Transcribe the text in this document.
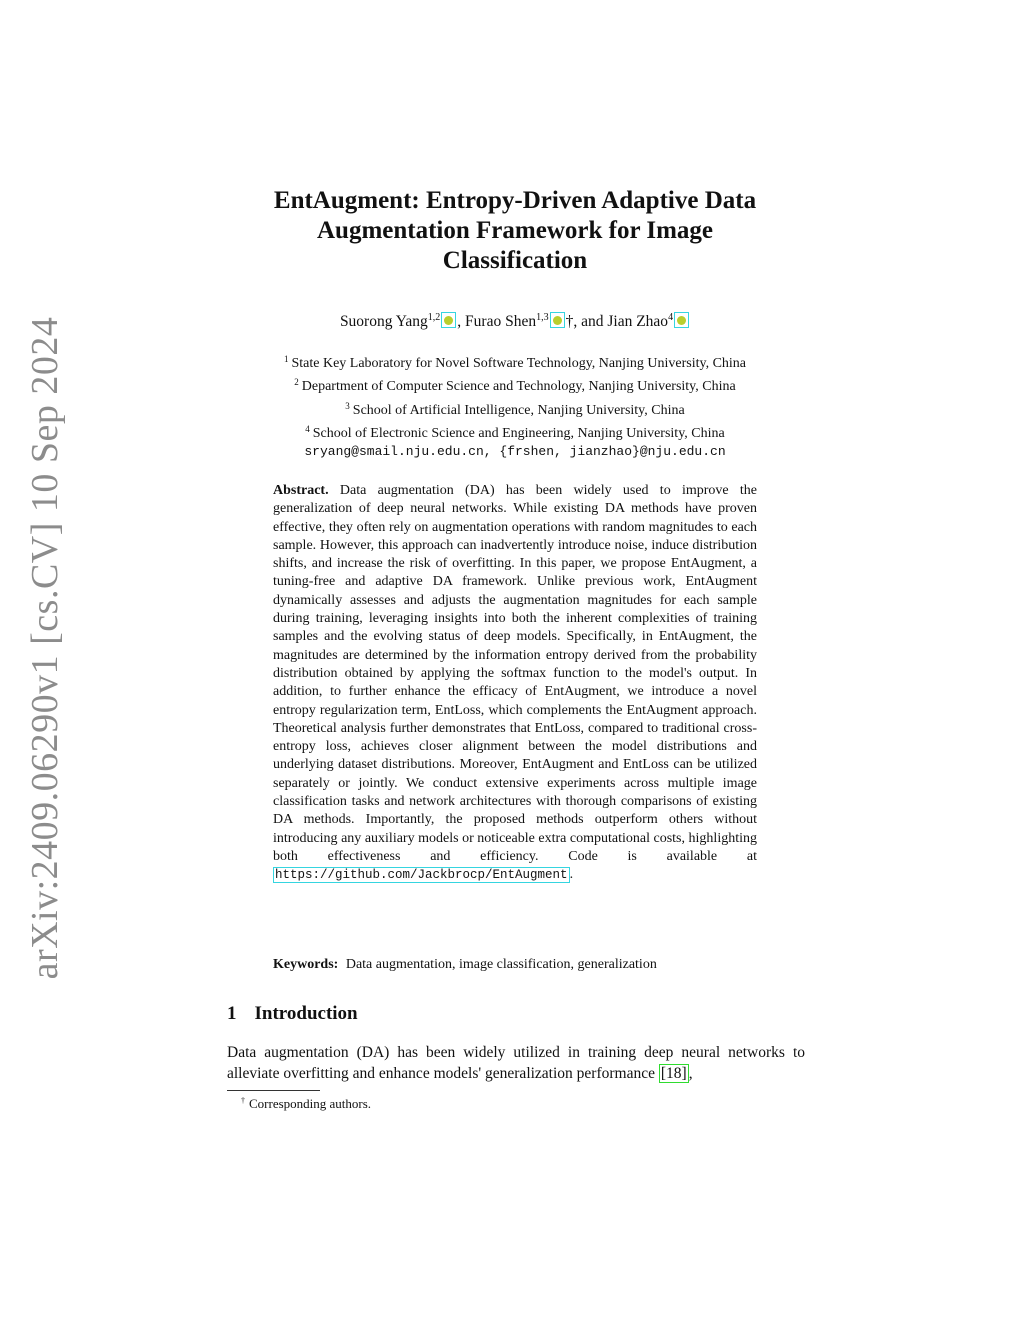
arXiv:2409.06290v1 [cs.CV] 10 Sep 2024
EntAugment: Entropy-Driven Adaptive Data
Augmentation Framework for Image
Classification
Suorong Yang$^{1,2}$ , Furao Shen$^{1,3}$ †, and Jian Zhao$^4$
$^1$ State Key Laboratory for Novel Software Technology, Nanjing University, China
$^2$ Department of Computer Science and Technology, Nanjing University, China
$^3$ School of Artificial Intelligence, Nanjing University, China
$^4$ School of Electronic Science and Engineering, Nanjing University, China
sryang@smail.nju.edu.cn, {frshen, jianzhao}@nju.edu.cn
Abstract. Data augmentation (DA) has been widely used to improve the generalization of deep neural networks. While existing DA methods have proven effective, they often rely on augmentation operations with random magnitudes to each sample. However, this approach can inadvertently introduce noise, induce distribution shifts, and increase the risk of overfitting. In this paper, we propose EntAugment, a tuning-free and adaptive DA framework. Unlike previous work, EntAugment dynamically assesses and adjusts the augmentation magnitudes for each sample during training, leveraging insights into both the inherent complexities of training samples and the evolving status of deep models. Specifically, in EntAugment, the magnitudes are determined by the information entropy derived from the probability distribution obtained by applying the softmax function to the model's output. In addition, to further enhance the efficacy of EntAugment, we introduce a novel entropy regularization term, EntLoss, which complements the EntAugment approach. Theoretical analysis further demonstrates that EntLoss, compared to traditional cross-entropy loss, achieves closer alignment between the model distributions and underlying dataset distributions. Moreover, EntAugment and EntLoss can be utilized separately or jointly. We conduct extensive experiments across multiple image classification tasks and network architectures with thorough comparisons of existing DA methods. Importantly, the proposed methods outperform others without introducing any auxiliary models or noticeable extra computational costs, highlighting both effectiveness and efficiency. Code is available at https://github.com/Jackbrocp/EntAugment .
Keywords: Data augmentation, image classification, generalization
1 Introduction
Data augmentation (DA) has been widely utilized in training deep neural networks to alleviate overfitting and enhance models' generalization performance [18] ,
† Corresponding authors.
